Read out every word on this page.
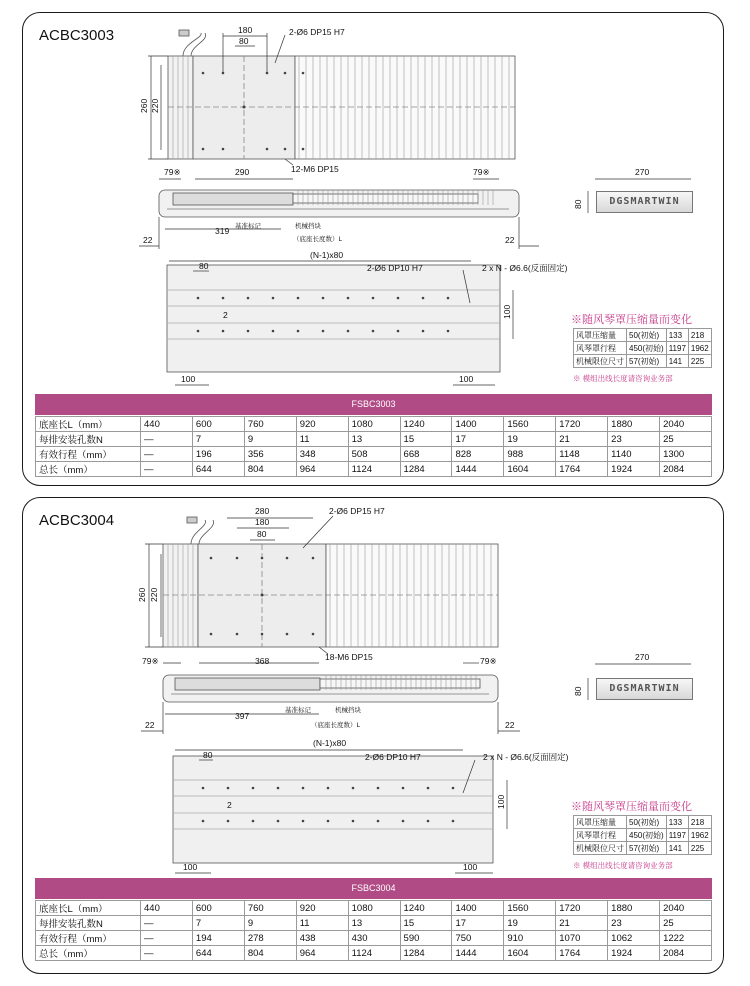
ACBC3003	180
80
2-Ø6 DP15 H7
260 220
12-M6 DP15
79※	290	79※
319 基准标记	机械挡块
（底座长度数）L
22	22
270
80
(N-1)x80
2-Ø6 DP10 H7	2 x N - Ø6.6(反面固定)
80
2	100
100	100
DGSMARTWIN
※随风琴罩压缩量而变化
风罩压缩量	50(初始)	133	218
风琴罩行程	450(初始)	1197	1962
机械限位尺寸	57(初始)	141	225
※ 模组出线长度请咨询业务部
FSBC3003
底座长L（mm）	440	600	760	920	1080	1240	1400	1560	1720	1880	2040
每排安装孔数N	—	7	9	11	13	15	17	19	21	23	25
有效行程（mm）	—	196	356	348	508	668	828	988	1148	1140	1300
总长（mm）	—	644	804	964	1124	1284	1444	1604	1764	1924	2084
ACBC3004
280
180
80
2-Ø6 DP15 H7
260 220
18-M6 DP15
79※	368	79※
397
基准标记	机械挡块
（底座长度数）L
22	22
270
80
(N-1)x80
2-Ø6 DP10 H7	2 x N - Ø6.6(反面固定)
80
2	100
100	100
DGSMARTWIN
※随风琴罩压缩量而变化
风罩压缩量	50(初始)	133	218
风琴罩行程	450(初始)	1197	1962
机械限位尺寸	57(初始)	141	225
※ 模组出线长度请咨询业务部
FSBC3004
底座长L（mm）	440	600	760	920	1080	1240	1400	1560	1720	1880	2040
每排安装孔数N	—	7	9	11	13	15	17	19	21	23	25
有效行程（mm）	—	194	278	438	430	590	750	910	1070	1062	1222
总长（mm）	—	644	804	964	1124	1284	1444	1604	1764	1924	2084
